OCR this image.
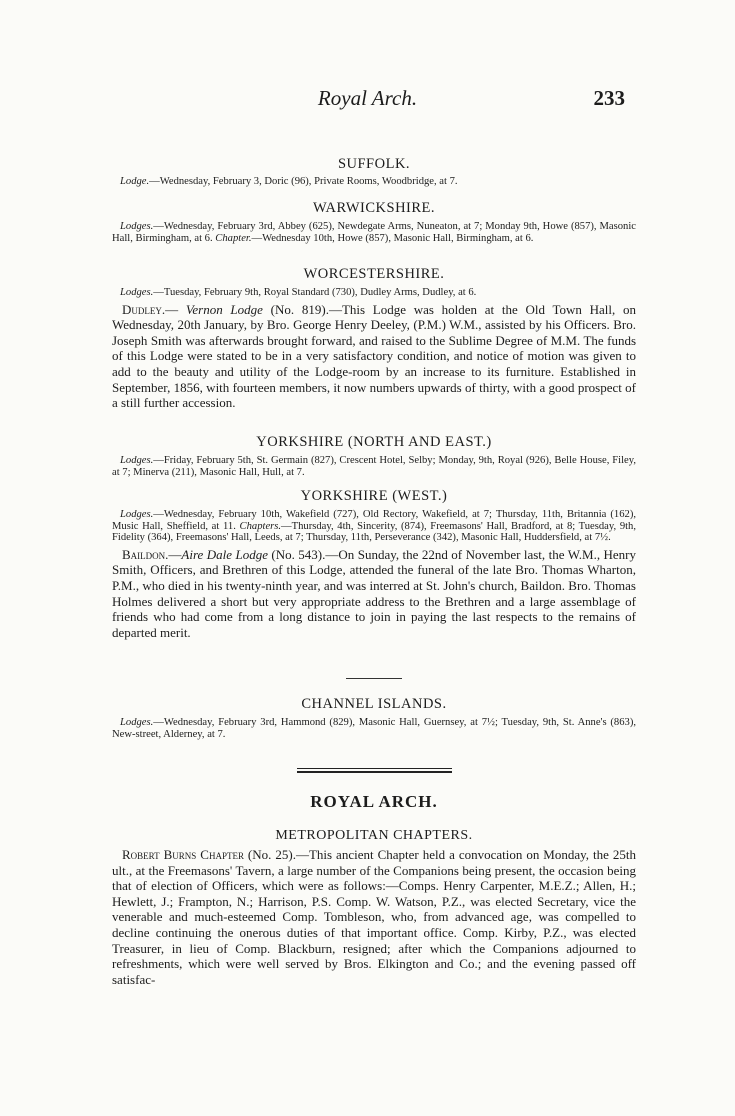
Royal Arch.	233

SUFFOLK.

Lodge.—Wednesday, February 3, Doric (96), Private Rooms, Woodbridge, at 7.

WARWICKSHIRE.

Lodges.—Wednesday, February 3rd, Abbey (625), Newdegate Arms, Nuneaton, at 7; Monday 9th, Howe (857), Masonic Hall, Birmingham, at 6. Chapter.—Wednesday 10th, Howe (857), Masonic Hall, Birmingham, at 6.

WORCESTERSHIRE.

Lodges.—Tuesday, February 9th, Royal Standard (730), Dudley Arms, Dudley, at 6.

Dudley.— Vernon Lodge (No. 819).—This Lodge was holden at the Old Town Hall, on Wednesday, 20th January, by Bro. George Henry Deeley, (P.M.) W.M., assisted by his Officers. Bro. Joseph Smith was afterwards brought forward, and raised to the Sublime Degree of M.M. The funds of this Lodge were stated to be in a very satisfactory condition, and notice of motion was given to add to the beauty and utility of the Lodge-room by an increase to its furniture. Established in September, 1856, with fourteen members, it now numbers upwards of thirty, with a good prospect of a still further accession.

YORKSHIRE (NORTH AND EAST.)

Lodges.—Friday, February 5th, St. Germain (827), Crescent Hotel, Selby; Monday, 9th, Royal (926), Belle House, Filey, at 7; Minerva (211), Masonic Hall, Hull, at 7.

YORKSHIRE (WEST.)

Lodges.—Wednesday, February 10th, Wakefield (727), Old Rectory, Wakefield, at 7; Thursday, 11th, Britannia (162), Music Hall, Sheffield, at 11. Chapters.—Thursday, 4th, Sincerity, (874), Freemasons' Hall, Bradford, at 8; Tuesday, 9th, Fidelity (364), Freemasons' Hall, Leeds, at 7; Thursday, 11th, Perseverance (342), Masonic Hall, Huddersfield, at 7½.

Baildon.—Aire Dale Lodge (No. 543).—On Sunday, the 22nd of November last, the W.M., Henry Smith, Officers, and Brethren of this Lodge, attended the funeral of the late Bro. Thomas Wharton, P.M., who died in his twenty-ninth year, and was interred at St. John's church, Baildon. Bro. Thomas Holmes delivered a short but very appropriate address to the Brethren and a large assemblage of friends who had come from a long distance to join in paying the last respects to the remains of departed merit.

CHANNEL ISLANDS.

Lodges.—Wednesday, February 3rd, Hammond (829), Masonic Hall, Guernsey, at 7½; Tuesday, 9th, St. Anne's (863), New-street, Alderney, at 7.

ROYAL ARCH.

METROPOLITAN CHAPTERS.

Robert Burns Chapter (No. 25).—This ancient Chapter held a convocation on Monday, the 25th ult., at the Freemasons' Tavern, a large number of the Companions being present, the occasion being that of election of Officers, which were as follows:—Comps. Henry Carpenter, M.E.Z.; Allen, H.; Hewlett, J.; Frampton, N.; Harrison, P.S. Comp. W. Watson, P.Z., was elected Secretary, vice the venerable and much-esteemed Comp. Tombleson, who, from advanced age, was compelled to decline continuing the onerous duties of that important office. Comp. Kirby, P.Z., was elected Treasurer, in lieu of Comp. Blackburn, resigned; after which the Companions adjourned to refreshments, which were well served by Bros. Elkington and Co.; and the evening passed off satisfac-
